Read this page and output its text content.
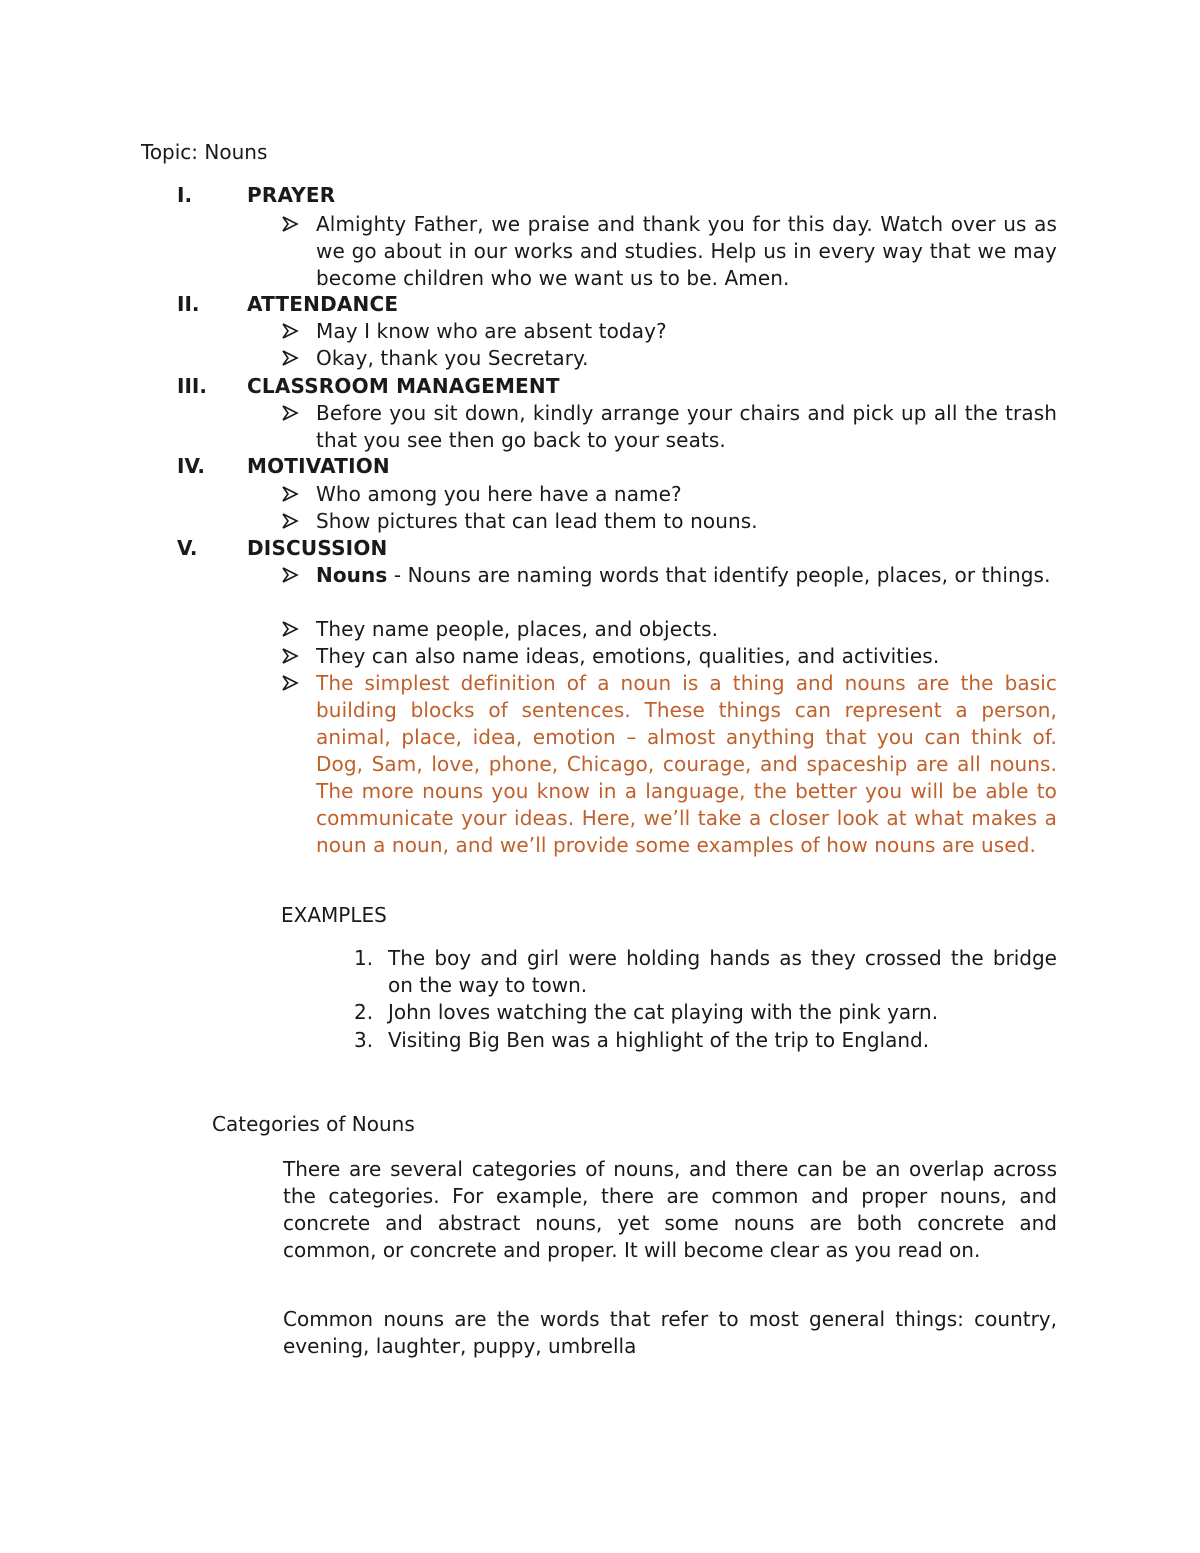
Topic: Nouns
I.	PRAYER
Almighty Father, we praise and thank you for this day. Watch over us as we go about in our works and studies. Help us in every way that we may become children who we want us to be. Amen.
II. ATTENDANCE
May I know who are absent today?
Okay, thank you Secretary.
III. CLASSROOM MANAGEMENT
Before you sit down, kindly arrange your chairs and pick up all the trash that you see then go back to your seats.
IV. MOTIVATION
Who among you here have a name?
Show pictures that can lead them to nouns.
V. DISCUSSION
Nouns - Nouns are naming words that identify people, places, or things.
They name people, places, and objects.
They can also name ideas, emotions, qualities, and activities.
The simplest definition of a noun is a thing and nouns are the basic building blocks of sentences. These things can represent a person, animal, place, idea, emotion – almost anything that you can think of. Dog, Sam, love, phone, Chicago, courage, and spaceship are all nouns. The more nouns you know in a language, the better you will be able to communicate your ideas. Here, we’ll take a closer look at what makes a noun a noun, and we’ll provide some examples of how nouns are used.
EXAMPLES
1. The boy and girl were holding hands as they crossed the bridge on the way to town.
2. John loves watching the cat playing with the pink yarn.
3. Visiting Big Ben was a highlight of the trip to England.
Categories of Nouns
There are several categories of nouns, and there can be an overlap across the categories. For example, there are common and proper nouns, and concrete and abstract nouns, yet some nouns are both concrete and common, or concrete and proper. It will become clear as you read on.
Common nouns are the words that refer to most general things: country, evening, laughter, puppy, umbrella
